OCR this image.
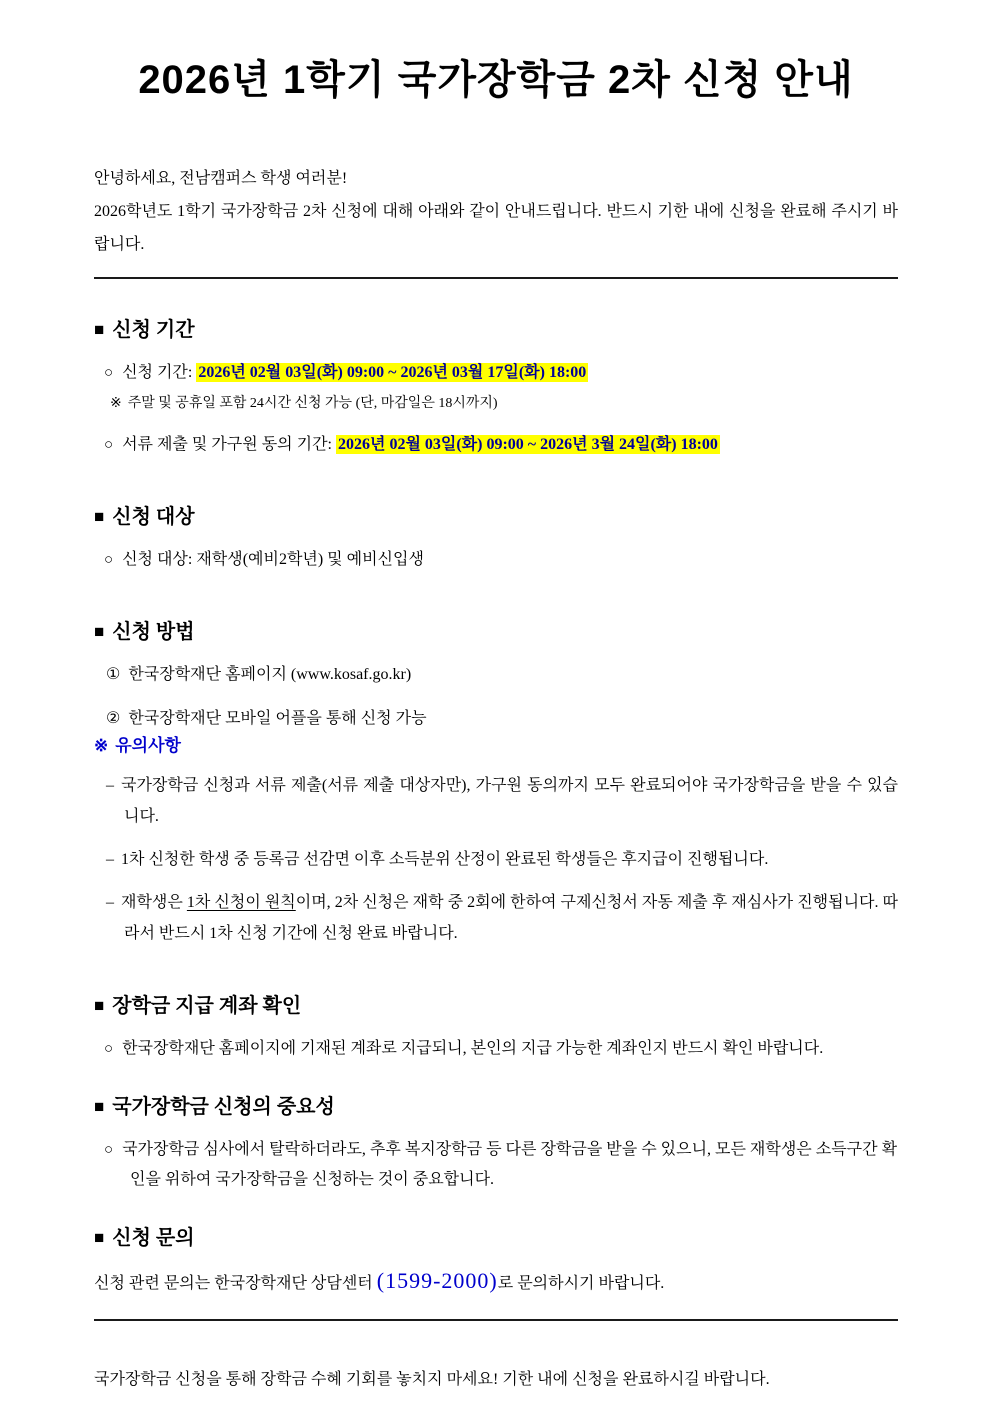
2026년 1학기 국가장학금 2차 신청 안내

안녕하세요, 전남캠퍼스 학생 여러분!

2026학년도 1학기 국가장학금 2차 신청에 대해 아래와 같이 안내드립니다. 반드시 기한 내에 신청을 완료해 주시기 바랍니다.

■ 신청 기간

○ 신청 기간: 2026년 02월 03일(화) 09:00 ~ 2026년 03월 17일(화) 18:00

※ 주말 및 공휴일 포함 24시간 신청 가능 (단, 마감일은 18시까지)

○ 서류 제출 및 가구원 동의 기간: 2026년 02월 03일(화) 09:00 ~ 2026년 3월 24일(화) 18:00

■ 신청 대상

○ 신청 대상: 재학생(예비2학년) 및 예비신입생

■ 신청 방법

① 한국장학재단 홈페이지 (www.kosaf.go.kr)

② 한국장학재단 모바일 어플을 통해 신청 가능

※ 유의사항

– 국가장학금 신청과 서류 제출(서류 제출 대상자만), 가구원 동의까지 모두 완료되어야 국가장학금을 받을 수 있습니다.

– 1차 신청한 학생 중 등록금 선감면 이후 소득분위 산정이 완료된 학생들은 후지급이 진행됩니다.

– 재학생은 1차 신청이 원칙이며, 2차 신청은 재학 중 2회에 한하여 구제신청서 자동 제출 후 재심사가 진행됩니다. 따라서 반드시 1차 신청 기간에 신청 완료 바랍니다.

■ 장학금 지급 계좌 확인

○ 한국장학재단 홈페이지에 기재된 계좌로 지급되니, 본인의 지급 가능한 계좌인지 반드시 확인 바랍니다.

■ 국가장학금 신청의 중요성

○ 국가장학금 심사에서 탈락하더라도, 추후 복지장학금 등 다른 장학금을 받을 수 있으니, 모든 재학생은 소득구간 확인을 위하여 국가장학금을 신청하는 것이 중요합니다.

■ 신청 문의

신청 관련 문의는 한국장학재단 상담센터 (1599-2000)로 문의하시기 바랍니다.

국가장학금 신청을 통해 장학금 수혜 기회를 놓치지 마세요! 기한 내에 신청을 완료하시길 바랍니다.
